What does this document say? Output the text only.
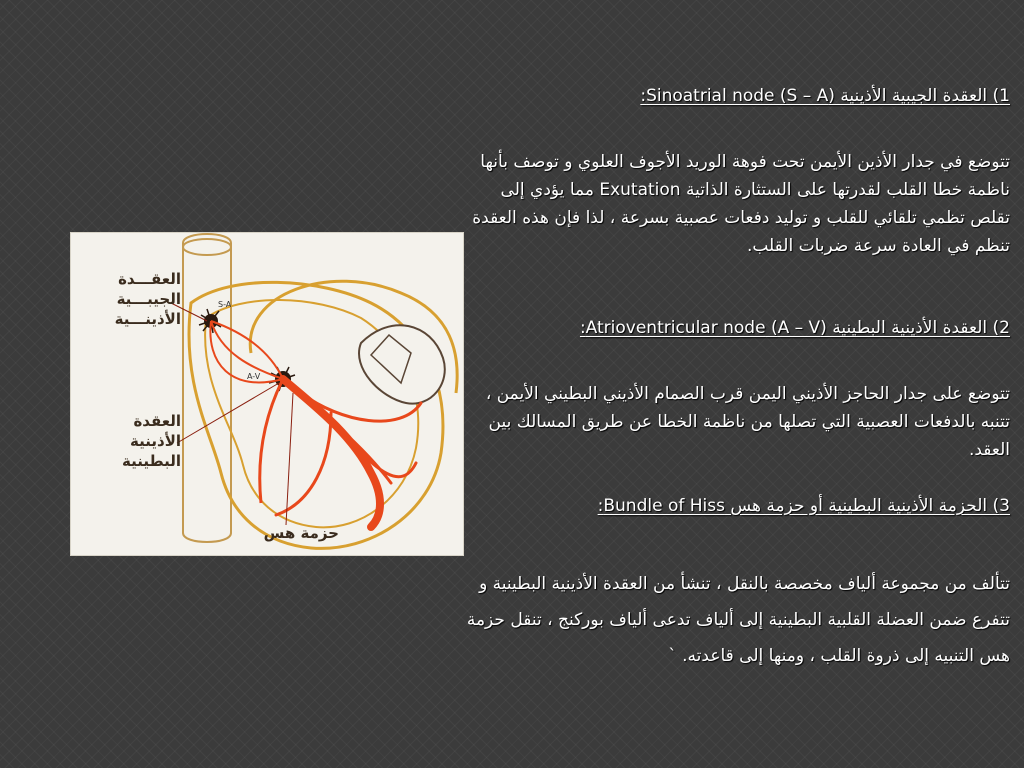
1) العقدة الجيبية الأذينية (Sinoatrial node (S – A:

تتوضع في جدار الأذين الأيمن تحت فوهة الوريد الأجوف العلوي و توصف بأنها ناظمة خطا القلب لقدرتها على الستثارة الذاتية Exutation مما يؤدي إلى تقلص تظمي تلقائي للقلب و توليد دفعات عصبية بسرعة ، لذا فإن هذه العقدة تنظم في العادة سرعة ضربات القلب.

2) العقدة الأذينية البطينية (A – V) Atrioventricular node:

تتوضع على جدار الحاجز الأذيني اليمن قرب الصمام الأذيني البطيني الأيمن ، تتنبه بالدفعات العصبية التي تصلها من ناظمة الخطا عن طريق المسالك بين العقد.

3) الحزمة الأذينية البطينية أو حزمة هس Bundle of Hiss:

تتألف من مجموعة ألياف مخصصة بالنقل ، تنشأ من العقدة الأذينية البطينية و تتفرع ضمن العضلة القلبية البطينية إلى ألياف تدعى ألياف بوركنج ، تنقل حزمة هس التنبيه إلى ذروة القلب ، ومنها إلى قاعدته. `

S-A
A-V
العقـــدة الجيبـــية الأذينـــية
العقدة الأذينية البطينية
حزمة هس
